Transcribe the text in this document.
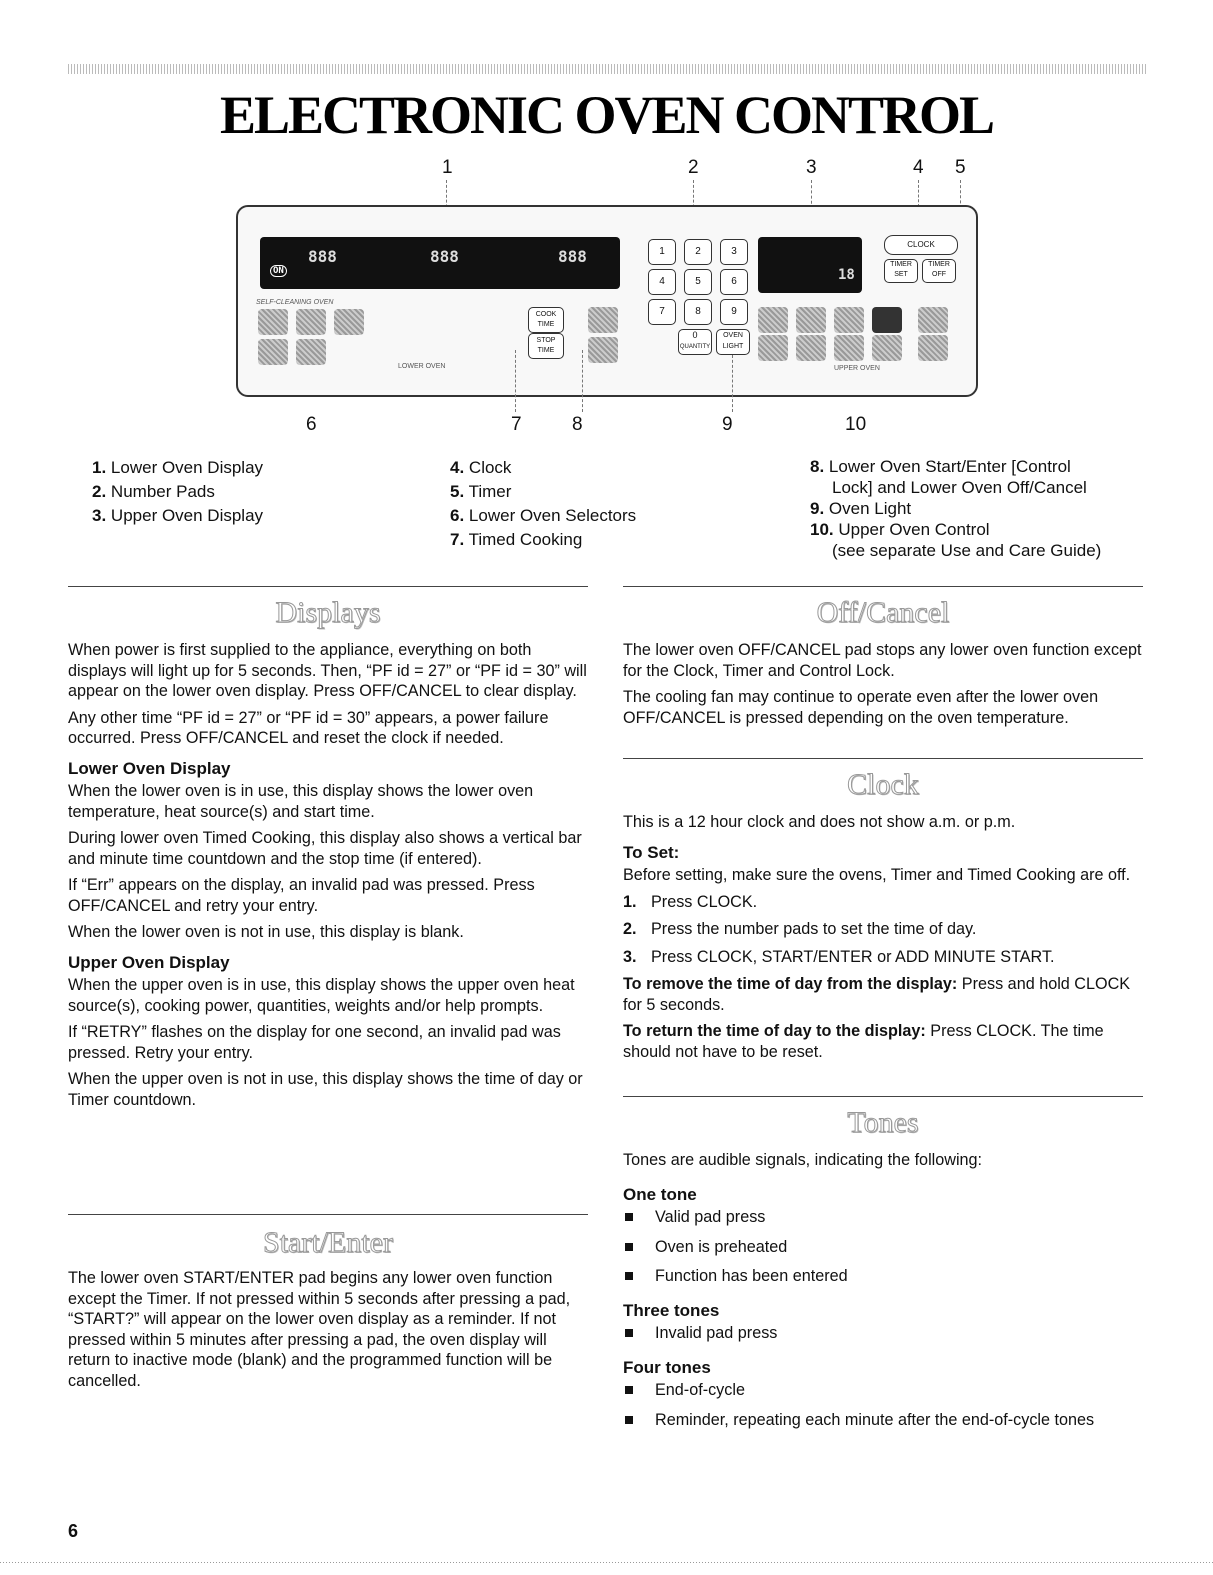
ELECTRONIC OVEN CONTROL
1	2	3	4 5
888	888	888
ON
SELF-CLEANING OVEN
COOK TIME
STOP TIME
LOWER OVEN
1	2	3
4	5	6
7	8	9
0
QUANTITY
OVEN LIGHT
18
CLOCK
TIMER SET
TIMER OFF
UPPER OVEN
6	7	8	9	10
1. Lower Oven Display
2. Number Pads
3. Upper Oven Display
4. Clock
5. Timer
6. Lower Oven Selectors
7. Timed Cooking
8. Lower Oven Start/Enter [Control
Lock] and Lower Oven Off/Cancel
9. Oven Light
10. Upper Oven Control
(see separate Use and Care Guide)
Displays

When power is first supplied to the appliance, everything on both displays will light up for 5 seconds. Then, “PF id = 27” or “PF id = 30” will appear on the lower oven display. Press OFF/CANCEL to clear display.

Any other time “PF id = 27” or “PF id = 30” appears, a power failure occurred. Press OFF/CANCEL and reset the clock if needed.

Lower Oven Display

When the lower oven is in use, this display shows the lower oven temperature, heat source(s) and start time.

During lower oven Timed Cooking, this display also shows a vertical bar and minute time countdown and the stop time (if entered).

If “Err” appears on the display, an invalid pad was pressed. Press OFF/CANCEL and retry your entry.

When the lower oven is not in use, this display is blank.

Upper Oven Display

When the upper oven is in use, this display shows the upper oven heat source(s), cooking power, quantities, weights and/or help prompts.

If “RETRY” flashes on the display for one second, an invalid pad was pressed. Retry your entry.

When the upper oven is not in use, this display shows the time of day or Timer countdown.

Start/Enter

The lower oven START/ENTER pad begins any lower oven function except the Timer. If not pressed within 5 seconds after pressing a pad, “START?” will appear on the lower oven display as a reminder. If not pressed within 5 minutes after pressing a pad, the oven display will return to inactive mode (blank) and the programmed function will be cancelled.

Off/Cancel

The lower oven OFF/CANCEL pad stops any lower oven function except for the Clock, Timer and Control Lock.

The cooling fan may continue to operate even after the lower oven OFF/CANCEL is pressed depending on the oven temperature.

Clock

This is a 12 hour clock and does not show a.m. or p.m.

To Set:

Before setting, make sure the ovens, Timer and Timed Cooking are off.

1. Press CLOCK.
2. Press the number pads to set the time of day.
3. Press CLOCK, START/ENTER or ADD MINUTE START.

To remove the time of day from the display: Press and hold CLOCK for 5 seconds.

To return the time of day to the display: Press CLOCK. The time should not have to be reset.

Tones

Tones are audible signals, indicating the following:

One tone
Valid pad press
Oven is preheated
Function has been entered
Three tones
Invalid pad press
Four tones
End-of-cycle
Reminder, repeating each minute after the end-of-cycle tones
6
